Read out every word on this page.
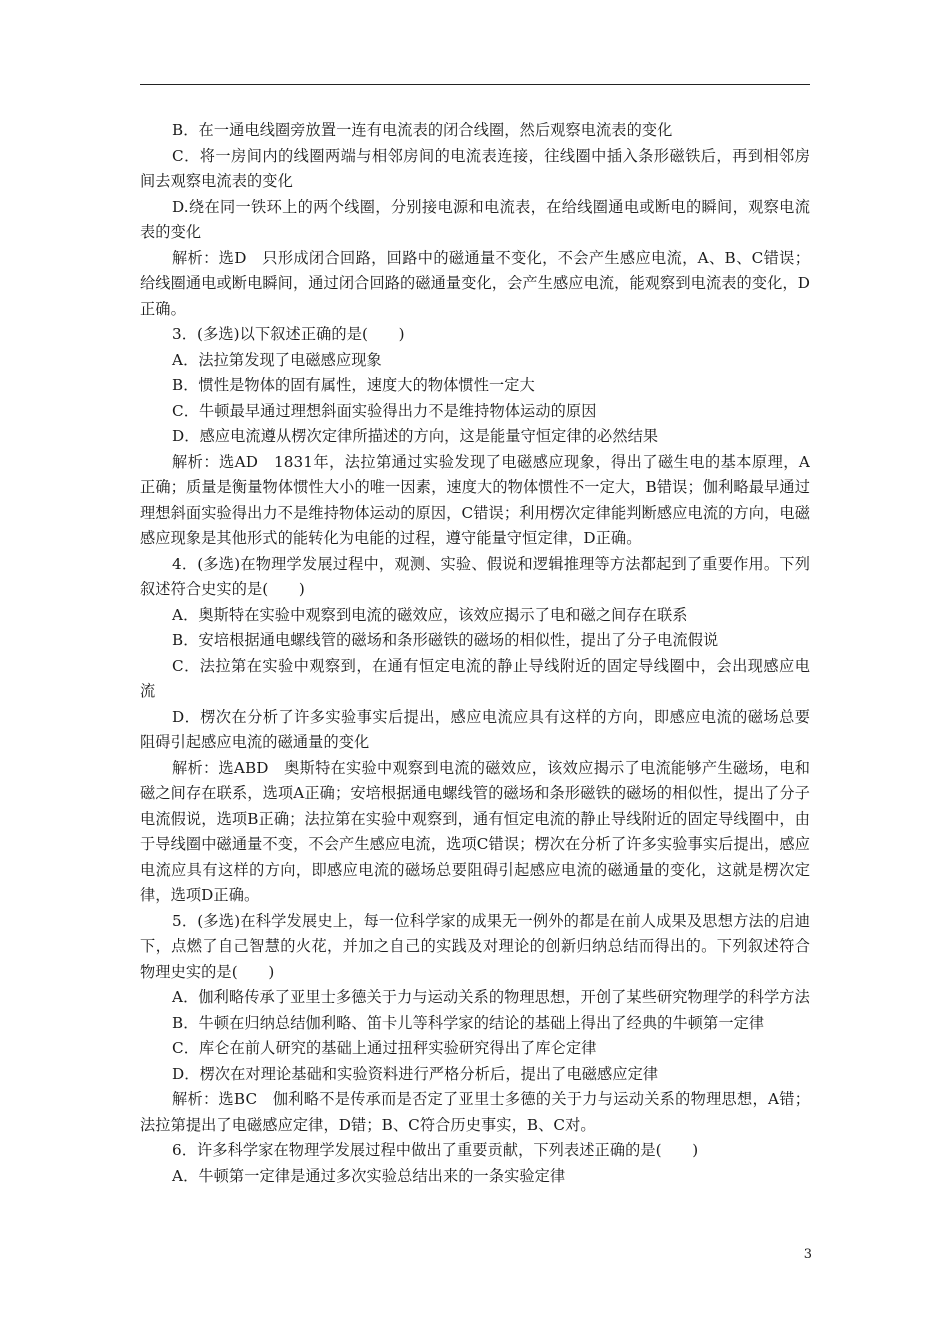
B．在一通电线圈旁放置一连有电流表的闭合线圈，然后观察电流表的变化

C．将一房间内的线圈两端与相邻房间的电流表连接，往线圈中插入条形磁铁后，再到相邻房间去观察电流表的变化

D.绕在同一铁环上的两个线圈，分别接电源和电流表，在给线圈通电或断电的瞬间，观察电流表的变化

解析：选D　只形成闭合回路，回路中的磁通量不变化，不会产生感应电流，A、B、C错误；给线圈通电或断电瞬间，通过闭合回路的磁通量变化，会产生感应电流，能观察到电流表的变化，D正确。

3．(多选)以下叙述正确的是(　　)

A．法拉第发现了电磁感应现象

B．惯性是物体的固有属性，速度大的物体惯性一定大

C．牛顿最早通过理想斜面实验得出力不是维持物体运动的原因

D．感应电流遵从楞次定律所描述的方向，这是能量守恒定律的必然结果

解析：选AD　1831年，法拉第通过实验发现了电磁感应现象，得出了磁生电的基本原理，A正确；质量是衡量物体惯性大小的唯一因素，速度大的物体惯性不一定大，B错误；伽利略最早通过理想斜面实验得出力不是维持物体运动的原因，C错误；利用楞次定律能判断感应电流的方向，电磁感应现象是其他形式的能转化为电能的过程，遵守能量守恒定律，D正确。

4．(多选)在物理学发展过程中，观测、实验、假说和逻辑推理等方法都起到了重要作用。下列叙述符合史实的是(　　)

A．奥斯特在实验中观察到电流的磁效应，该效应揭示了电和磁之间存在联系

B．安培根据通电螺线管的磁场和条形磁铁的磁场的相似性，提出了分子电流假说

C．法拉第在实验中观察到，在通有恒定电流的静止导线附近的固定导线圈中，会出现感应电流

D．楞次在分析了许多实验事实后提出，感应电流应具有这样的方向，即感应电流的磁场总要阻碍引起感应电流的磁通量的变化

解析：选ABD　奥斯特在实验中观察到电流的磁效应，该效应揭示了电流能够产生磁场，电和磁之间存在联系，选项A正确；安培根据通电螺线管的磁场和条形磁铁的磁场的相似性，提出了分子电流假说，选项B正确；法拉第在实验中观察到，通有恒定电流的静止导线附近的固定导线圈中，由于导线圈中磁通量不变，不会产生感应电流，选项C错误；楞次在分析了许多实验事实后提出，感应电流应具有这样的方向，即感应电流的磁场总要阻碍引起感应电流的磁通量的变化，这就是楞次定律，选项D正确。

5．(多选)在科学发展史上，每一位科学家的成果无一例外的都是在前人成果及思想方法的启迪下，点燃了自己智慧的火花，并加之自己的实践及对理论的创新归纳总结而得出的。下列叙述符合物理史实的是(　　)

A．伽利略传承了亚里士多德关于力与运动关系的物理思想，开创了某些研究物理学的科学方法

B．牛顿在归纳总结伽利略、笛卡儿等科学家的结论的基础上得出了经典的牛顿第一定律

C．库仑在前人研究的基础上通过扭秤实验研究得出了库仑定律

D．楞次在对理论基础和实验资料进行严格分析后，提出了电磁感应定律

解析：选BC　伽利略不是传承而是否定了亚里士多德的关于力与运动关系的物理思想，A错；法拉第提出了电磁感应定律，D错；B、C符合历史事实，B、C对。

6．许多科学家在物理学发展过程中做出了重要贡献，下列表述正确的是(　　)

A．牛顿第一定律是通过多次实验总结出来的一条实验定律

3
